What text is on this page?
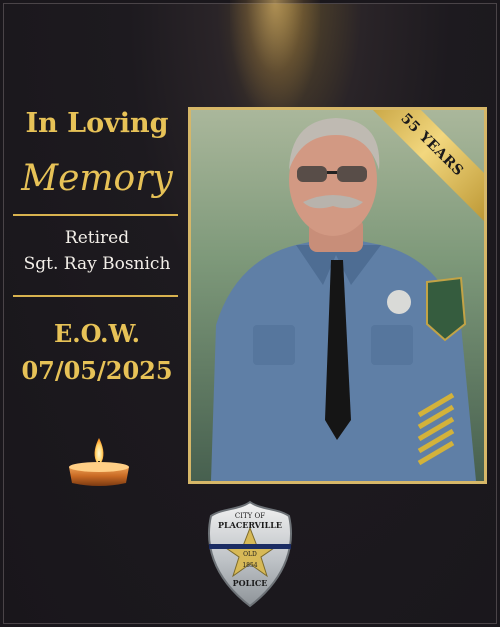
In Loving
Memory
Retired
Sgt. Ray Bosnich
E.O.W.
07/05/2025
55 YEARS
CITY OF
PLACERVILLE
OLD
1854
POLICE
